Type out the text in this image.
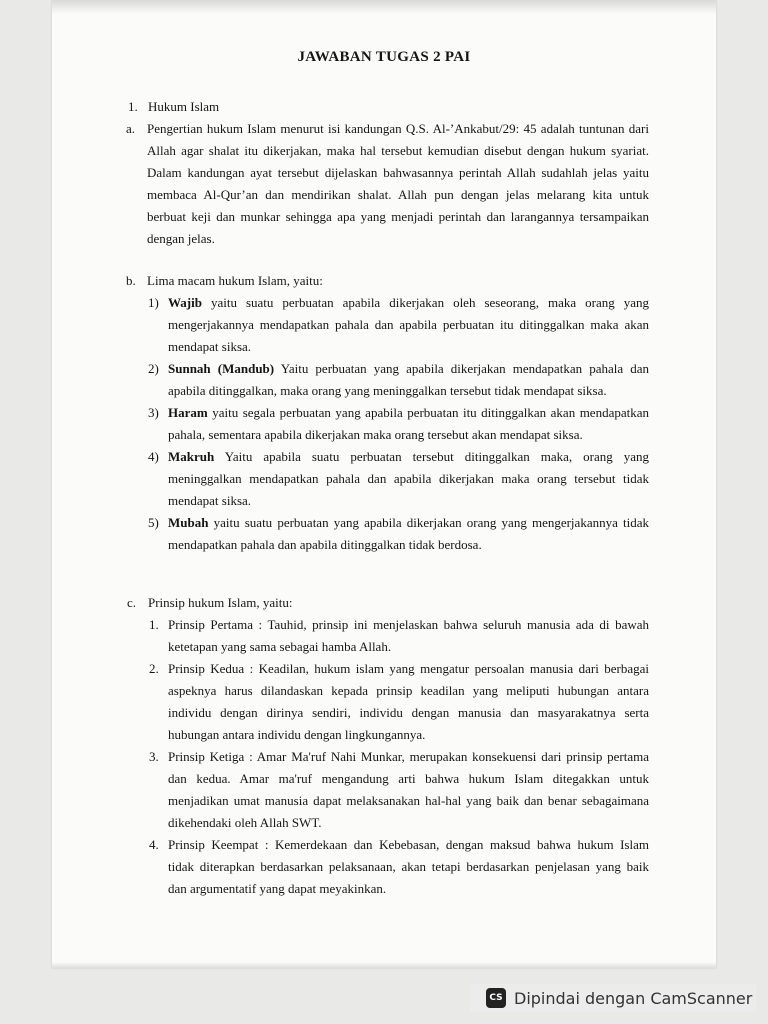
JAWABAN TUGAS 2 PAI
1. Hukum Islam
a. Pengertian hukum Islam menurut isi kandungan Q.S. Al-’Ankabut/29: 45 adalah tuntunan dari
Allah agar shalat itu dikerjakan, maka hal tersebut kemudian disebut dengan hukum syariat.
Dalam kandungan ayat tersebut dijelaskan bahwasannya perintah Allah sudahlah jelas yaitu
membaca Al-Qur’an dan mendirikan shalat. Allah pun dengan jelas melarang kita untuk
berbuat keji dan munkar sehingga apa yang menjadi perintah dan larangannya tersampaikan
dengan jelas.
b. Lima macam hukum Islam, yaitu:
1) Wajib yaitu suatu perbuatan apabila dikerjakan oleh seseorang, maka orang yang
mengerjakannya mendapatkan pahala dan apabila perbuatan itu ditinggalkan maka akan
mendapat siksa.
2) Sunnah (Mandub) Yaitu perbuatan yang apabila dikerjakan mendapatkan pahala dan
apabila ditinggalkan, maka orang yang meninggalkan tersebut tidak mendapat siksa.
3) Haram yaitu segala perbuatan yang apabila perbuatan itu ditinggalkan akan mendapatkan
pahala, sementara apabila dikerjakan maka orang tersebut akan mendapat siksa.
4) Makruh Yaitu apabila suatu perbuatan tersebut ditinggalkan maka, orang yang
meninggalkan mendapatkan pahala dan apabila dikerjakan maka orang tersebut tidak
mendapat siksa.
5) Mubah yaitu suatu perbuatan yang apabila dikerjakan orang yang mengerjakannya tidak
mendapatkan pahala dan apabila ditinggalkan tidak berdosa.
c. Prinsip hukum Islam, yaitu:
1. Prinsip Pertama : Tauhid, prinsip ini menjelaskan bahwa seluruh manusia ada di bawah
ketetapan yang sama sebagai hamba Allah.
2. Prinsip Kedua : Keadilan, hukum islam yang mengatur persoalan manusia dari berbagai
aspeknya harus dilandaskan kepada prinsip keadilan yang meliputi hubungan antara
individu dengan dirinya sendiri, individu dengan manusia dan masyarakatnya serta
hubungan antara individu dengan lingkungannya.
3. Prinsip Ketiga : Amar Ma'ruf Nahi Munkar, merupakan konsekuensi dari prinsip pertama
dan kedua. Amar ma'ruf mengandung arti bahwa hukum Islam ditegakkan untuk
menjadikan umat manusia dapat melaksanakan hal-hal yang baik dan benar sebagaimana
dikehendaki oleh Allah SWT.
4. Prinsip Keempat : Kemerdekaan dan Kebebasan, dengan maksud bahwa hukum Islam
tidak diterapkan berdasarkan pelaksanaan, akan tetapi berdasarkan penjelasan yang baik
dan argumentatif yang dapat meyakinkan.
CS Dipindai dengan CamScanner
